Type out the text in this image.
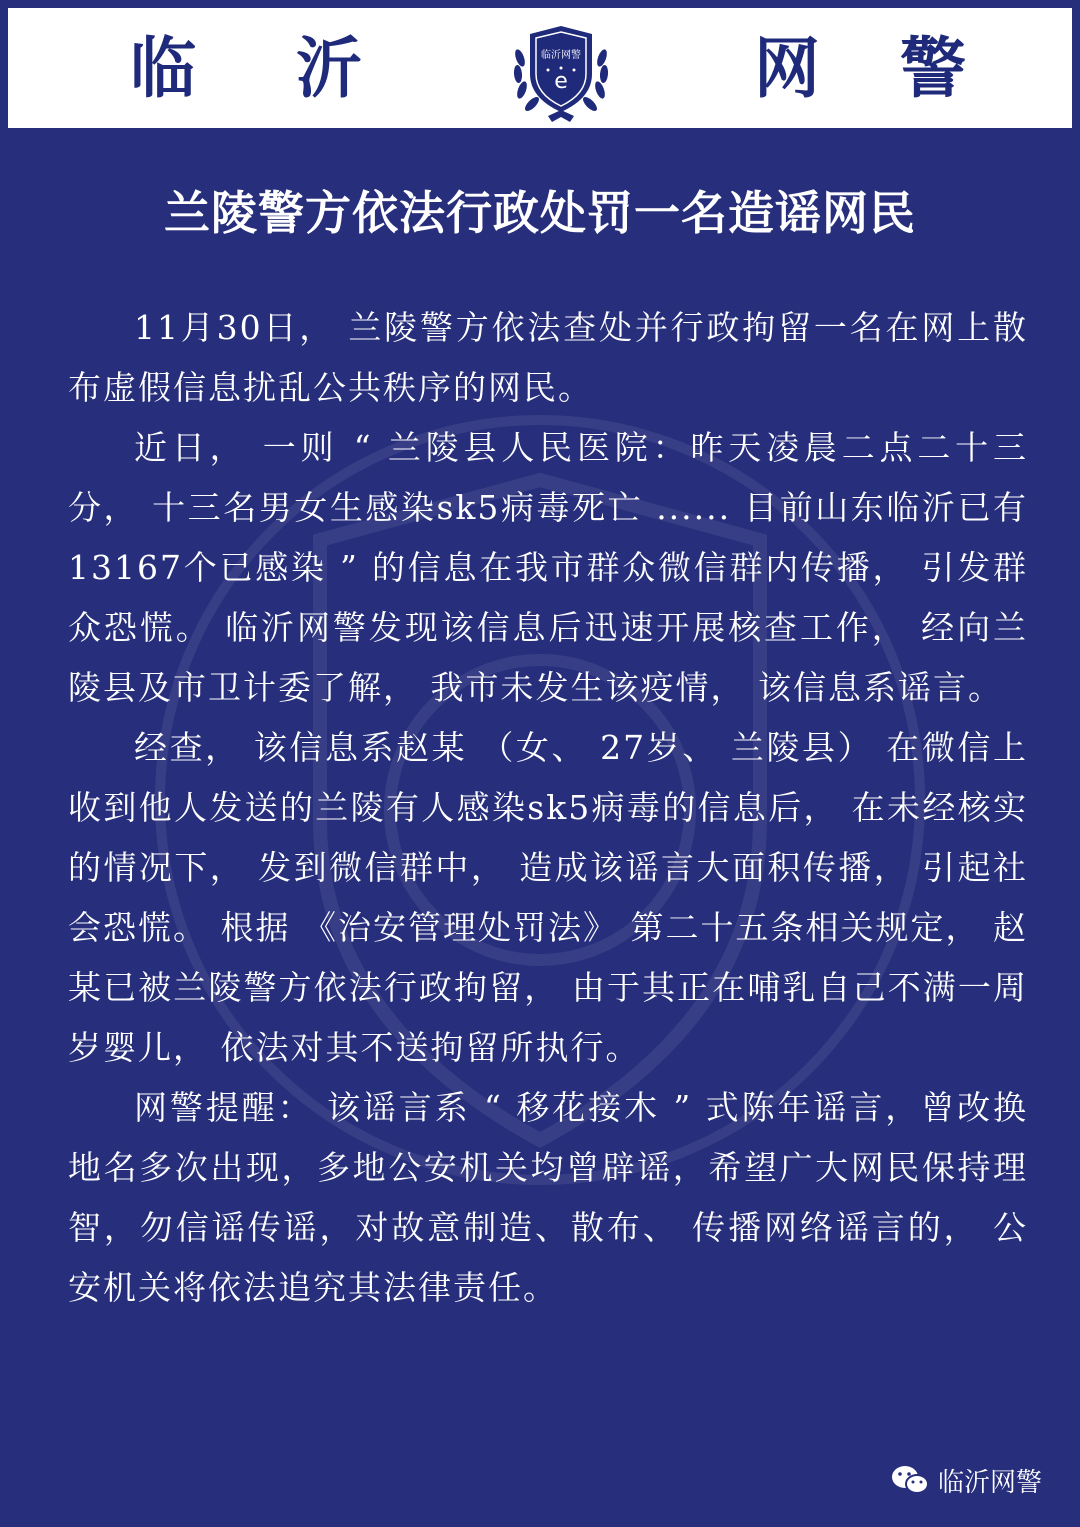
临 沂	临沂网警
e	网 警
兰陵警方依法行政处罚一名造谣网民

11月30日， 兰陵警方依法查处并行政拘留一名在网上散布虚假信息扰乱公共秩序的网民。

近日， 一则 “ 兰陵县人民医院：昨天凌晨二点二十三分， 十三名男女生感染sk5病毒死亡 ...... 目前山东临沂已有13167个已感染 ” 的信息在我市群众微信群内传播， 引发群众恐慌。 临沂网警发现该信息后迅速开展核查工作， 经向兰陵县及市卫计委了解， 我市未发生该疫情， 该信息系谣言。

经查， 该信息系赵某 （女、 27岁、 兰陵县） 在微信上收到他人发送的兰陵有人感染sk5病毒的信息后， 在未经核实的情况下， 发到微信群中， 造成该谣言大面积传播， 引起社会恐慌。 根据 《治安管理处罚法》 第二十五条相关规定， 赵某已被兰陵警方依法行政拘留， 由于其正在哺乳自己不满一周岁婴儿， 依法对其不送拘留所执行。

网警提醒： 该谣言系 “ 移花接木 ” 式陈年谣言，曾改换地名多次出现，多地公安机关均曾辟谣，希望广大网民保持理智，勿信谣传谣，对故意制造、散布、 传播网络谣言的， 公安机关将依法追究其法律责任。

临沂网警
